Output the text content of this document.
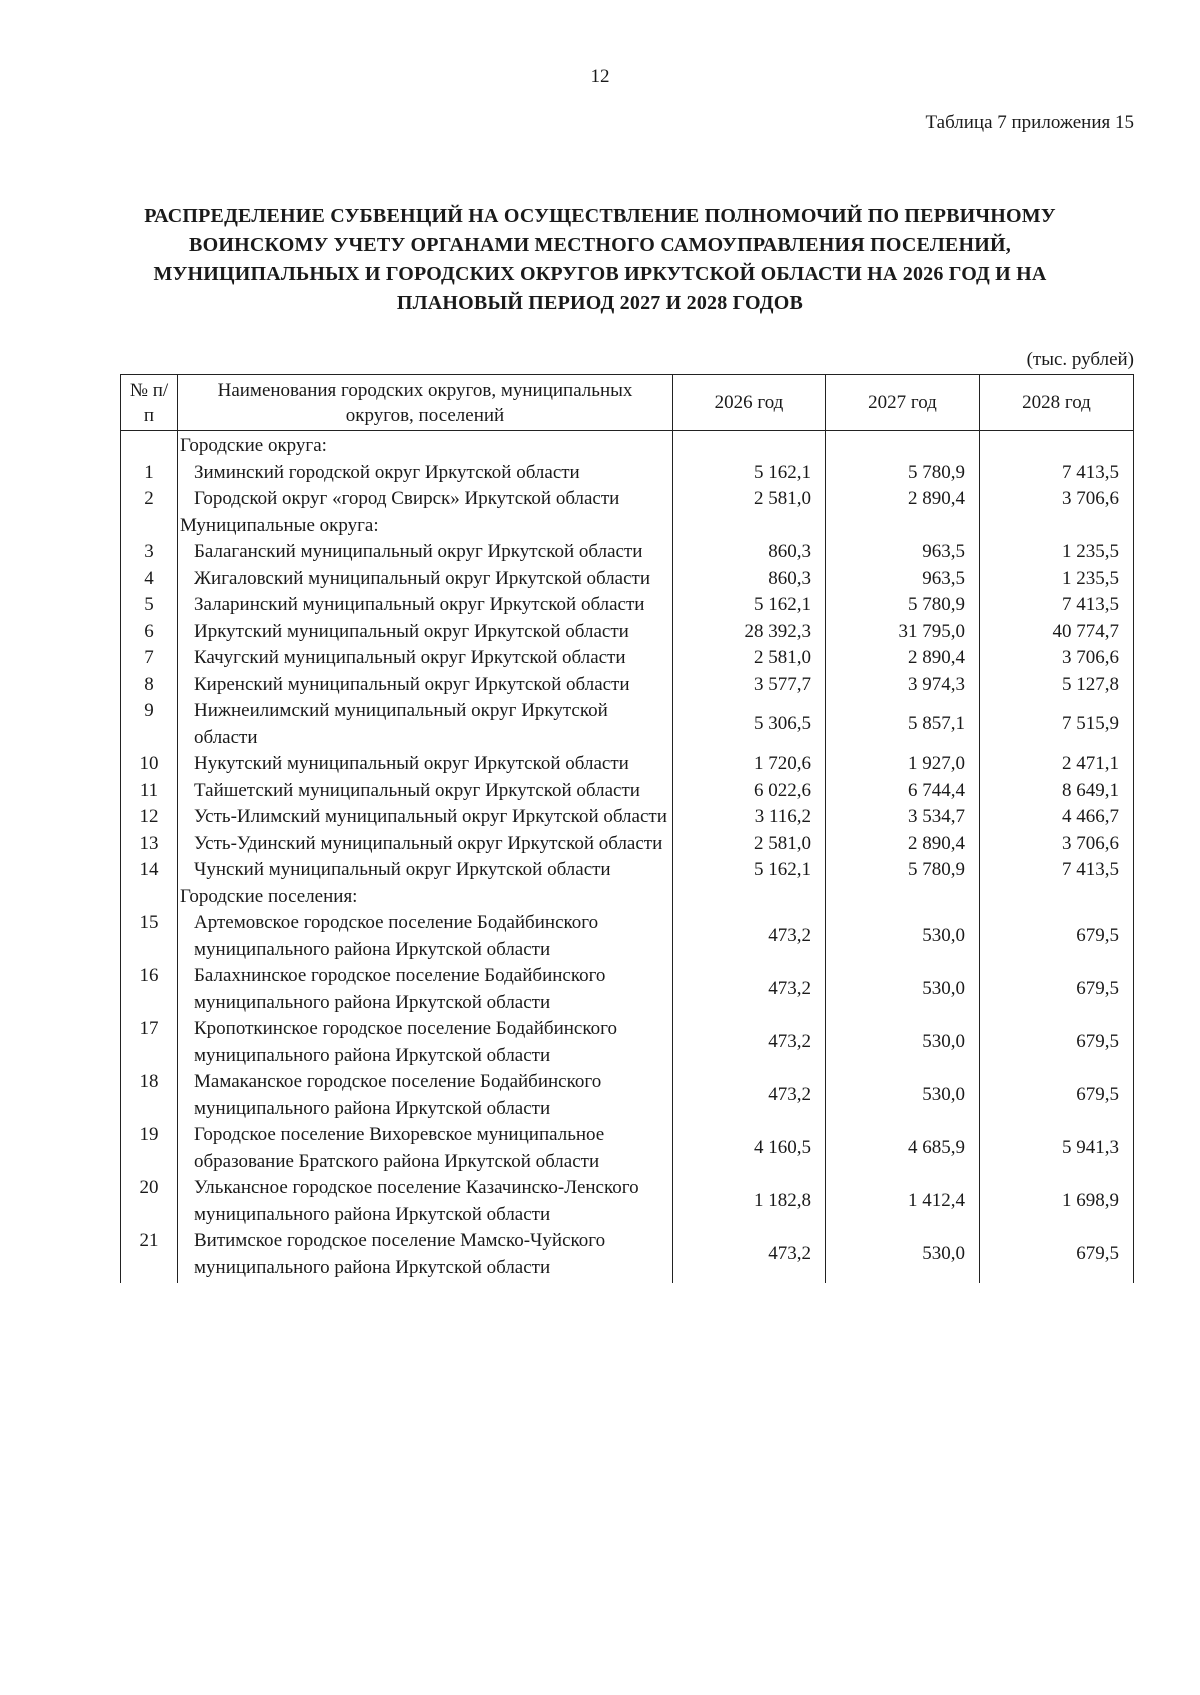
12
Таблица 7 приложения 15
РАСПРЕДЕЛЕНИЕ СУБВЕНЦИЙ НА ОСУЩЕСТВЛЕНИЕ ПОЛНОМОЧИЙ ПО ПЕРВИЧНОМУ
ВОИНСКОМУ УЧЕТУ ОРГАНАМИ МЕСТНОГО САМОУПРАВЛЕНИЯ ПОСЕЛЕНИЙ,
МУНИЦИПАЛЬНЫХ И ГОРОДСКИХ ОКРУГОВ ИРКУТСКОЙ ОБЛАСТИ НА 2026 ГОД И НА
ПЛАНОВЫЙ ПЕРИОД 2027 И 2028 ГОДОВ
(тыс. рублей)
№ п/п	Наименования городских округов, муниципальных округов, поселений	2026 год	2027 год	2028 год
	Городские округа:			
1	Зиминский городской округ Иркутской области	5 162,1	5 780,9	7 413,5
2	Городской округ «город Свирск» Иркутской области	2 581,0	2 890,4	3 706,6
	Муниципальные округа:			
3	Балаганский муниципальный округ Иркутской области	860,3	963,5	1 235,5
4	Жигаловский муниципальный округ Иркутской области	860,3	963,5	1 235,5
5	Заларинский муниципальный округ Иркутской области	5 162,1	5 780,9	7 413,5
6	Иркутский муниципальный округ Иркутской области	28 392,3	31 795,0	40 774,7
7	Качугский муниципальный округ Иркутской области	2 581,0	2 890,4	3 706,6
8	Киренский муниципальный округ Иркутской области	3 577,7	3 974,3	5 127,8
9	Нижнеилимский муниципальный округ Иркутской области	5 306,5	5 857,1	7 515,9
10	Нукутский муниципальный округ Иркутской области	1 720,6	1 927,0	2 471,1
11	Тайшетский муниципальный округ Иркутской области	6 022,6	6 744,4	8 649,1
12	Усть-Илимский муниципальный округ Иркутской области	3 116,2	3 534,7	4 466,7
13	Усть-Удинский муниципальный округ Иркутской области	2 581,0	2 890,4	3 706,6
14	Чунский муниципальный округ Иркутской области	5 162,1	5 780,9	7 413,5
	Городские поселения:			
15	Артемовское городское поселение Бодайбинского муниципального района Иркутской области	473,2	530,0	679,5
16	Балахнинское городское поселение Бодайбинского муниципального района Иркутской области	473,2	530,0	679,5
17	Кропоткинское городское поселение Бодайбинского муниципального района Иркутской области	473,2	530,0	679,5
18	Мамаканское городское поселение Бодайбинского муниципального района Иркутской области	473,2	530,0	679,5
19	Городское поселение Вихоревское муниципальное образование Братского района Иркутской области	4 160,5	4 685,9	5 941,3
20	Улькансное городское поселение Казачинско-Ленского муниципального района Иркутской области	1 182,8	1 412,4	1 698,9
21	Витимское городское поселение Мамско-Чуйского муниципального района Иркутской области	473,2	530,0	679,5
